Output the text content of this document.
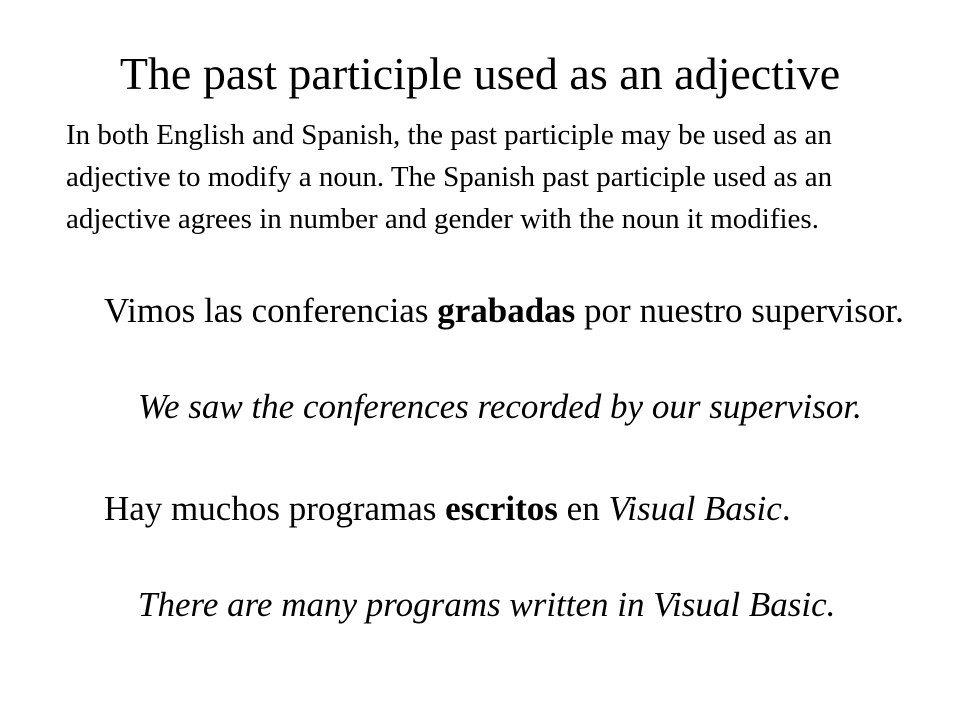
The past participle used as an adjective

In both English and Spanish, the past participle may be used as an adjective to modify a noun. The Spanish past participle used as an adjective agrees in number and gender with the noun it modifies.

Vimos las conferencias grabadas por nuestro supervisor.

We saw the conferences recorded by our supervisor.

Hay muchos programas escritos en Visual Basic.

There are many programs written in Visual Basic.
